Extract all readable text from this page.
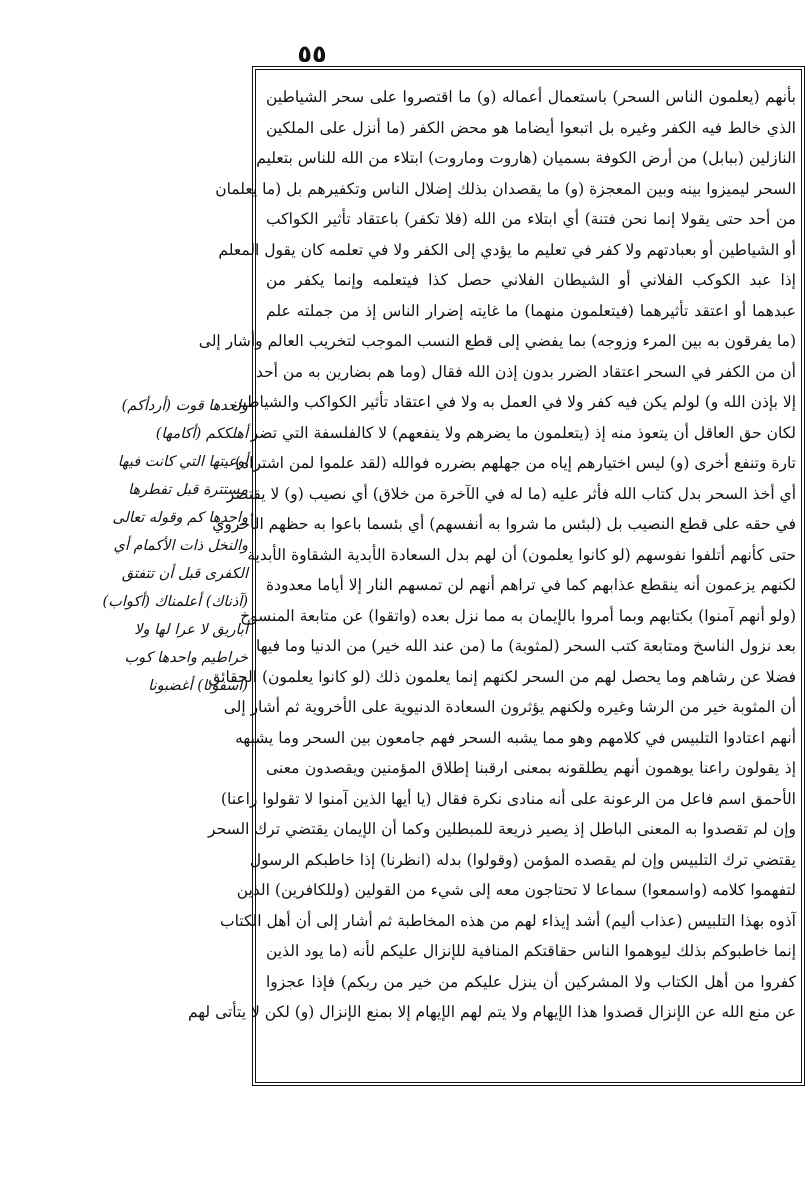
٥٥
بأنهم (يعلمون الناس السحر) باستعمال أعماله (و) ما اقتصروا على سحر الشياطين
الذي خالط فيه الكفر وغيره بل اتبعوا أيضاما هو محض الكفر (ما أنزل على الملكين
النازلين (ببابل) من أرض الكوفة بسميان (هاروت وماروت) ابتلاء من الله للناس بتعليم
السحر ليميزوا بينه وبين المعجزة (و) ما يقصدان بذلك إضلال الناس وتكفيرهم بل (ما يعلمان
من أحد حتى يقولا إنما نحن فتنة) أي ابتلاء من الله (فلا تكفر) باعتقاد تأثير الكواكب
أو الشياطين أو بعبادتهم ولا كفر في تعليم ما يؤدي إلى الكفر ولا في تعلمه كان يقول المعلم
إذا عبد الكوكب الفلاني أو الشيطان الفلاني حصل كذا فيتعلمه وإنما يكفر من
عبدهما أو اعتقد تأثيرهما (فيتعلمون منهما) ما غايته إضرار الناس إذ من جملته علم
(ما يفرقون به بين المرء وزوجه) بما يفضي إلى قطع النسب الموجب لتخريب العالم وأشار إلى
أن من الكفر في السحر اعتقاد الضرر بدون إذن الله فقال (وما هم بضارين به من أحد
إلا بإذن الله و) لولم يكن فيه كفر ولا في العمل به ولا في اعتقاد تأثير الكواكب والشياطين
لكان حق العاقل أن يتعوذ منه إذ (يتعلمون ما يضرهم ولا ينفعهم) لا كالفلسفة التي تضر
تارة وتنفع أخرى (و) ليس اختيارهم إياه من جهلهم بضرره فوالله (لقد علموا لمن اشتراه)
أي أخذ السحر بدل كتاب الله فأثر عليه (ما له في الآخرة من خلاق) أي نصيب (و) لا يقتصر
في حقه على قطع النصيب بل (لبئس ما شروا به أنفسهم) أي بئسما باعوا به حظهم الأخروي
حتى كأنهم أتلفوا نفوسهم (لو كانوا يعلمون) أن لهم بدل السعادة الأبدية الشقاوة الأبدية
لكنهم يزعمون أنه ينقطع عذابهم كما في تراهم أنهم لن تمسهم النار إلا أياما معدودة
(ولو أنهم آمنوا) بكتابهم وبما أمروا بالإيمان به مما نزل بعده (واتقوا) عن متابعة المنسوخ
بعد نزول الناسخ ومتابعة كتب السحر (لمثوبة) ما (من عند الله خير) من الدنيا وما فيها
فضلا عن رشاهم وما يحصل لهم من السحر لكنهم إنما يعلمون ذلك (لو كانوا يعلمون) الحقائق
أن المثوبة خير من الرشا وغيره ولكنهم يؤثرون السعادة الدنيوية على الأخروية ثم أشار إلى
أنهم اعتادوا التلبيس في كلامهم وهو مما يشبه السحر فهم جامعون بين السحر وما يشبهه
إذ يقولون راعنا يوهمون أنهم يطلقونه بمعنى ارقبنا إطلاق المؤمنين ويقصدون معنى
الأحمق اسم فاعل من الرعونة على أنه منادى نكرة فقال (يا أيها الذين آمنوا لا تقولوا راعنا)
وإن لم تقصدوا به المعنى الباطل إذ يصير ذريعة للمبطلين وكما أن الإيمان يقتضي ترك السحر
يقتضي ترك التلبيس وإن لم يقصده المؤمن (وقولوا) بدله (انظرنا) إذا خاطبكم الرسول
لتفهموا كلامه (واسمعوا) سماعا لا تحتاجون معه إلى شيء من القولين (وللكافرين) الذين
آذوه بهذا التلبيس (عذاب أليم) أشد إيذاء لهم من هذه المخاطبة ثم أشار إلى أن أهل الكتاب
إنما خاطبوكم بذلك ليوهموا الناس حقاقتكم المنافية للإنزال عليكم لأنه (ما يود الذين
كفروا من أهل الكتاب ولا المشركين أن ينزل عليكم من خير من ربكم) فإذا عجزوا
عن منع الله عن الإنزال قصدوا هذا الإيهام ولا يتم لهم الإيهام إلا بمنع الإنزال (و) لكن لا يتأتى لهم
واحدها قوت (أردأكم)
أهلككم (أكامها)
أوعيتها التي كانت فيها
مستترة قبل تفطرها
واحدها كم وقوله تعالى
والنخل ذات الأكمام أي
الكفرى قبل أن تتفتق
(آذناك) أعلمناك (أكواب)
أباريق لا عرا لها ولا
خراطيم واحدها كوب
(آسفونا) أغضبونا
